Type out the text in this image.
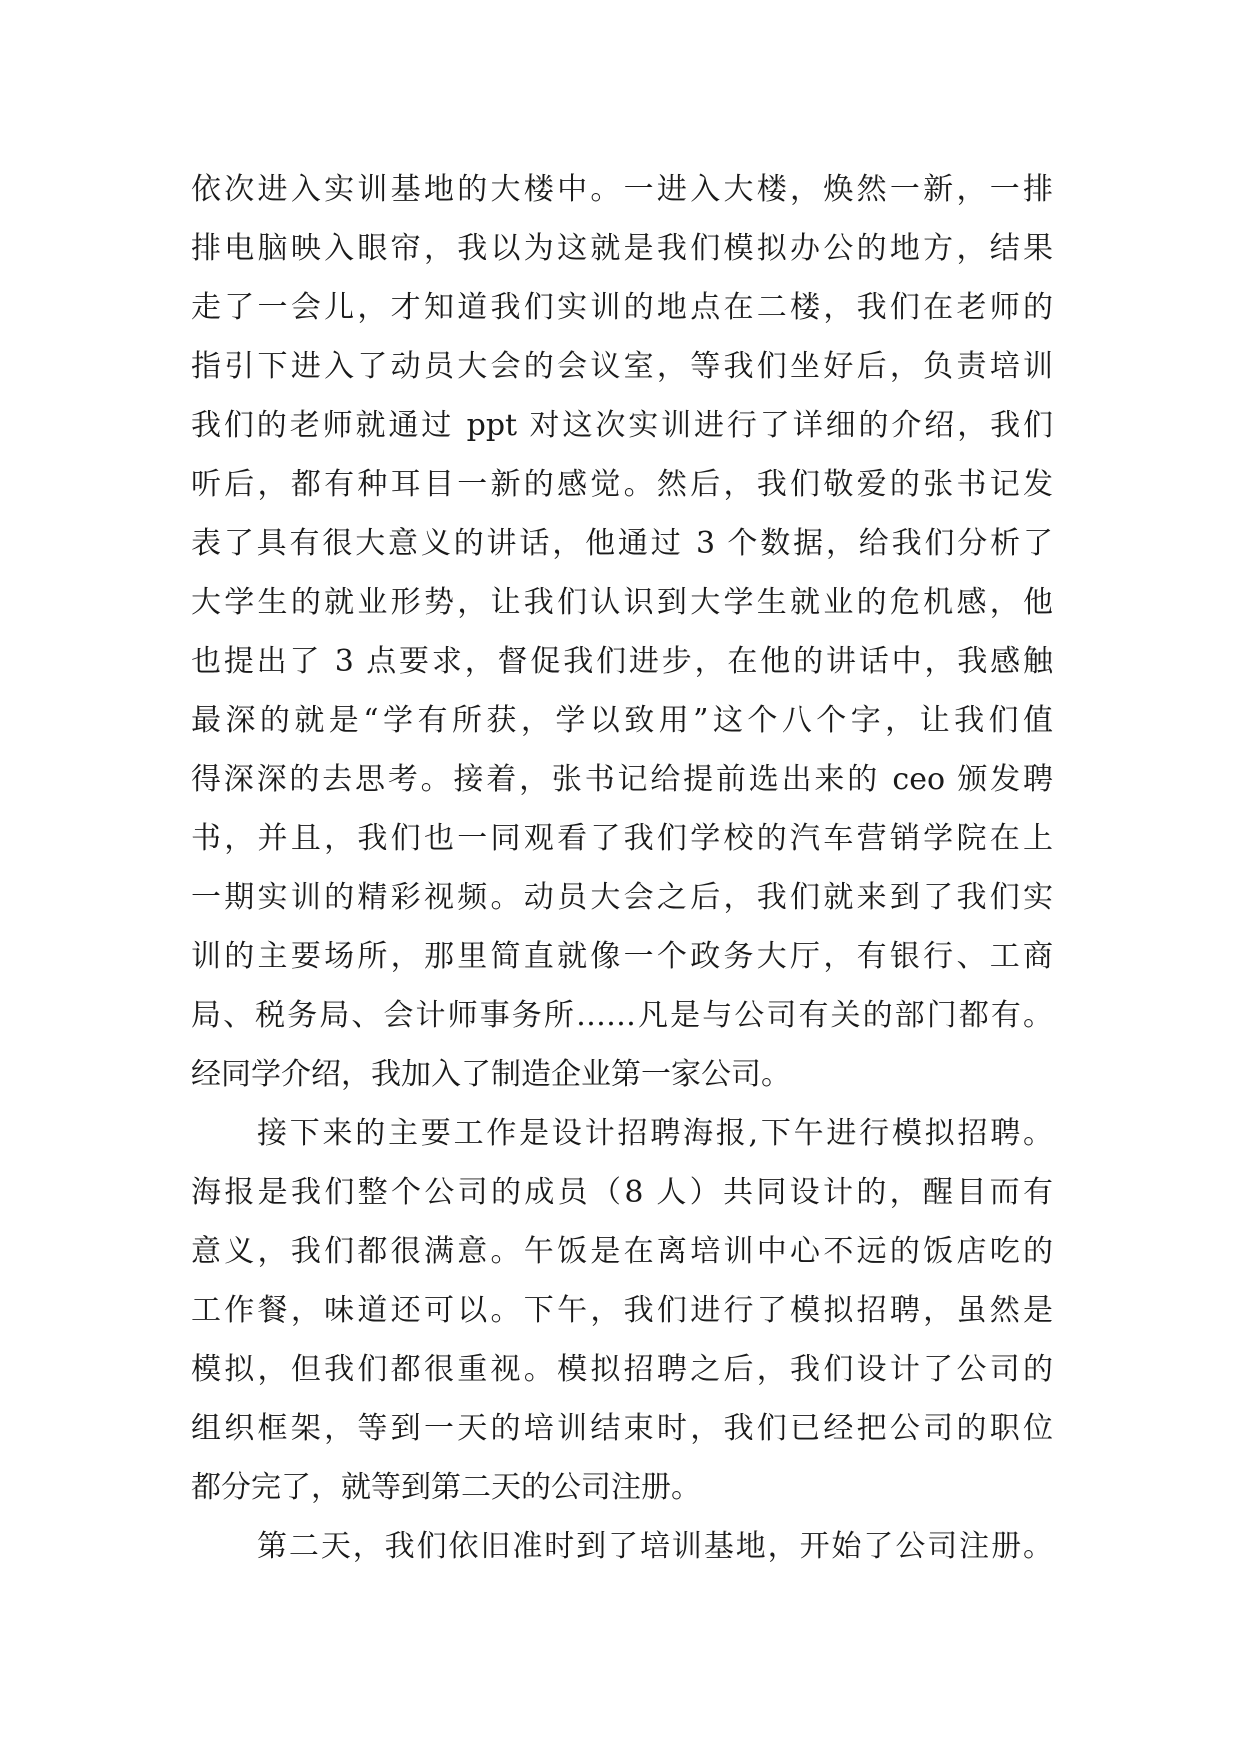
依次进入实训基地的大楼中。一进入大楼，焕然一新，一排
排电脑映入眼帘，我以为这就是我们模拟办公的地方，结果
走了一会儿，才知道我们实训的地点在二楼，我们在老师的
指引下进入了动员大会的会议室，等我们坐好后，负责培训
我们的老师就通过 ppt 对这次实训进行了详细的介绍，我们
听后，都有种耳目一新的感觉。然后，我们敬爱的张书记发
表了具有很大意义的讲话，他通过 3 个数据，给我们分析了
大学生的就业形势，让我们认识到大学生就业的危机感，他
也提出了 3 点要求，督促我们进步，在他的讲话中，我感触
最深的就是“学有所获，学以致用”这个八个字，让我们值
得深深的去思考。接着，张书记给提前选出来的 ceo 颁发聘
书，并且，我们也一同观看了我们学校的汽车营销学院在上
一期实训的精彩视频。动员大会之后，我们就来到了我们实
训的主要场所，那里简直就像一个政务大厅，有银行、工商
局、税务局、会计师事务所……凡是与公司有关的部门都有。
经同学介绍，我加入了制造企业第一家公司。
接下来的主要工作是设计招聘海报,下午进行模拟招聘。
海报是我们整个公司的成员（8 人）共同设计的，醒目而有
意义，我们都很满意。午饭是在离培训中心不远的饭店吃的
工作餐，味道还可以。下午，我们进行了模拟招聘，虽然是
模拟，但我们都很重视。模拟招聘之后，我们设计了公司的
组织框架，等到一天的培训结束时，我们已经把公司的职位
都分完了，就等到第二天的公司注册。
第二天，我们依旧准时到了培训基地，开始了公司注册。
